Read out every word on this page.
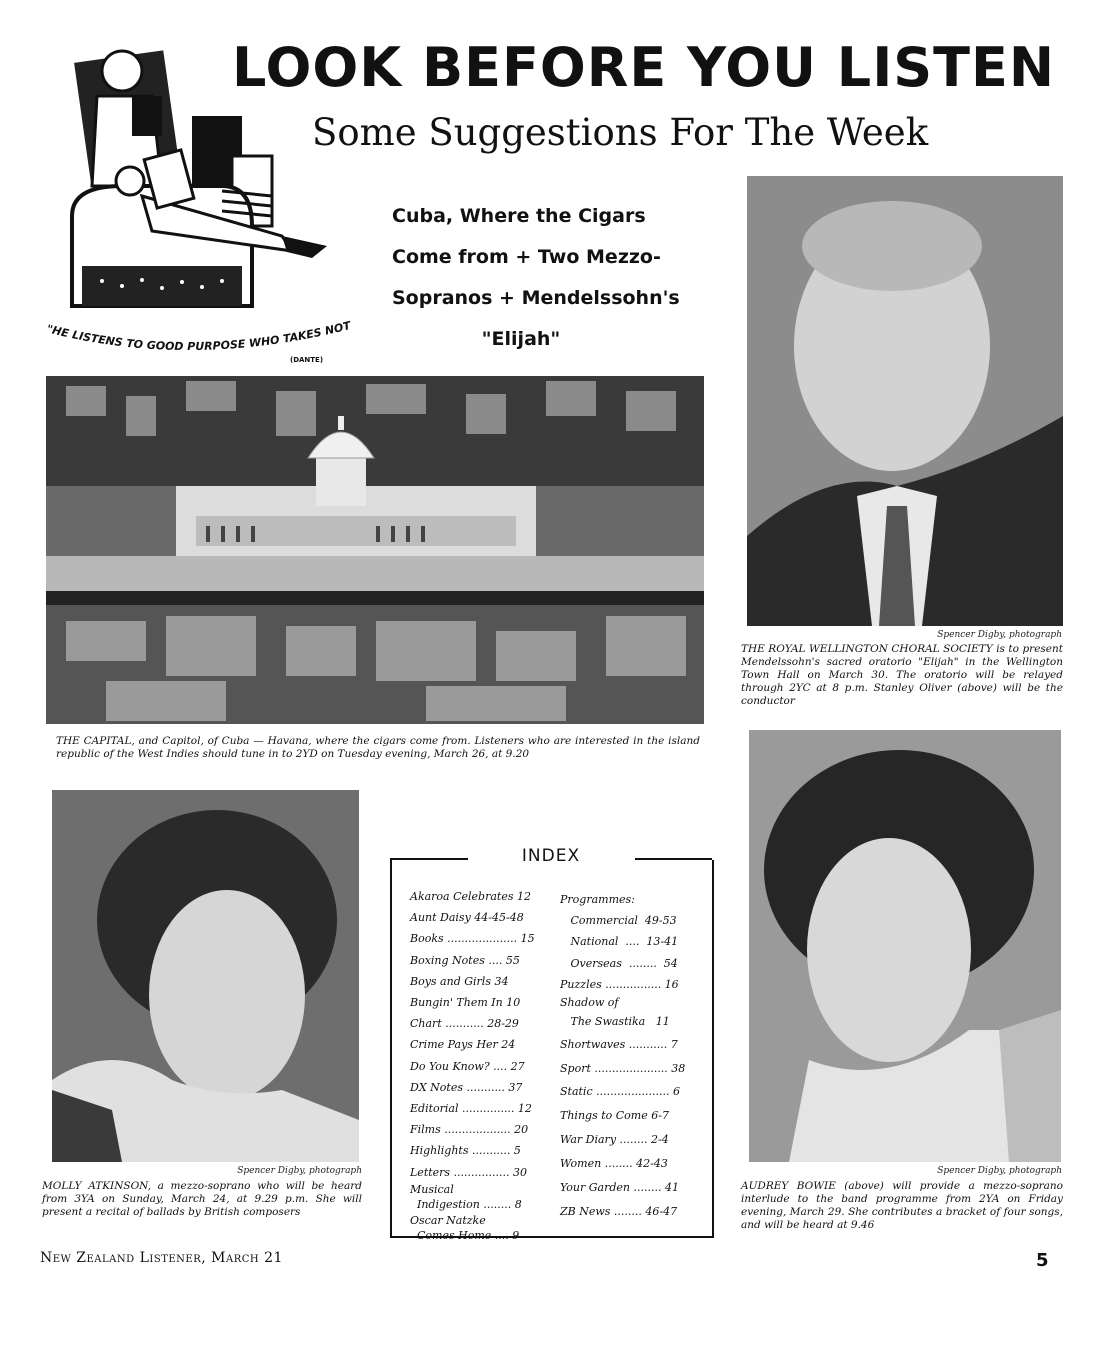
LOOK BEFORE YOU LISTEN
Some Suggestions For The Week
"HE LISTENS TO GOOD PURPOSE WHO TAKES NOT
(DANTE)
Cuba, Where the Cigars
Come from + Two Mezzo-
Sopranos + Mendelssohn's
"Elijah"
THE CAPITAL, and Capitol, of Cuba — Havana, where the cigars come from. Listeners who are interested in the island republic of the West Indies should tune in to 2YD on Tuesday evening, March 26, at 9.20
Spencer Digby, photograph
THE ROYAL WELLINGTON CHORAL SOCIETY is to present Mendelssohn's sacred oratorio "Elijah" in the Wellington Town Hall on March 30. The oratorio will be relayed through 2YC at 8 p.m. Stanley Oliver (above) will be the conductor
Spencer Digby, photograph
MOLLY ATKINSON, a mezzo-soprano who will be heard from 3YA on Sunday, March 24, at 9.29 p.m. She will present a recital of ballads by British composers
Spencer Digby, photograph
AUDREY BOWIE (above) will provide a mezzo-soprano interlude to the band programme from 2YA on Friday evening, March 29. She contributes a bracket of four songs, and will be heard at 9.46
INDEX
Akaroa Celebrates 12
Aunt Daisy 44-45-48
Books .................... 15
Boxing Notes .... 55
Boys and Girls 34
Bungin' Them In 10
Chart ........... 28-29
Crime Pays Her 24
Do You Know? .... 27
DX Notes ........... 37
Editorial ............... 12
Films ................... 20
Highlights ........... 5
Letters ................ 30
Musical
Indigestion ........ 8
Oscar Natzke
Comes Home .... 9
Programmes:
Commercial  49-53
National  ....  13-41
Overseas  ........  54
Puzzles ................ 16
Shadow of
The Swastika   11
Shortwaves ........... 7
Sport ..................... 38
Static ..................... 6
Things to Come 6-7
War Diary ........ 2-4
Women ........ 42-43
Your Garden ........ 41
ZB News ........ 46-47
New Zealand Listener, March 21	5
